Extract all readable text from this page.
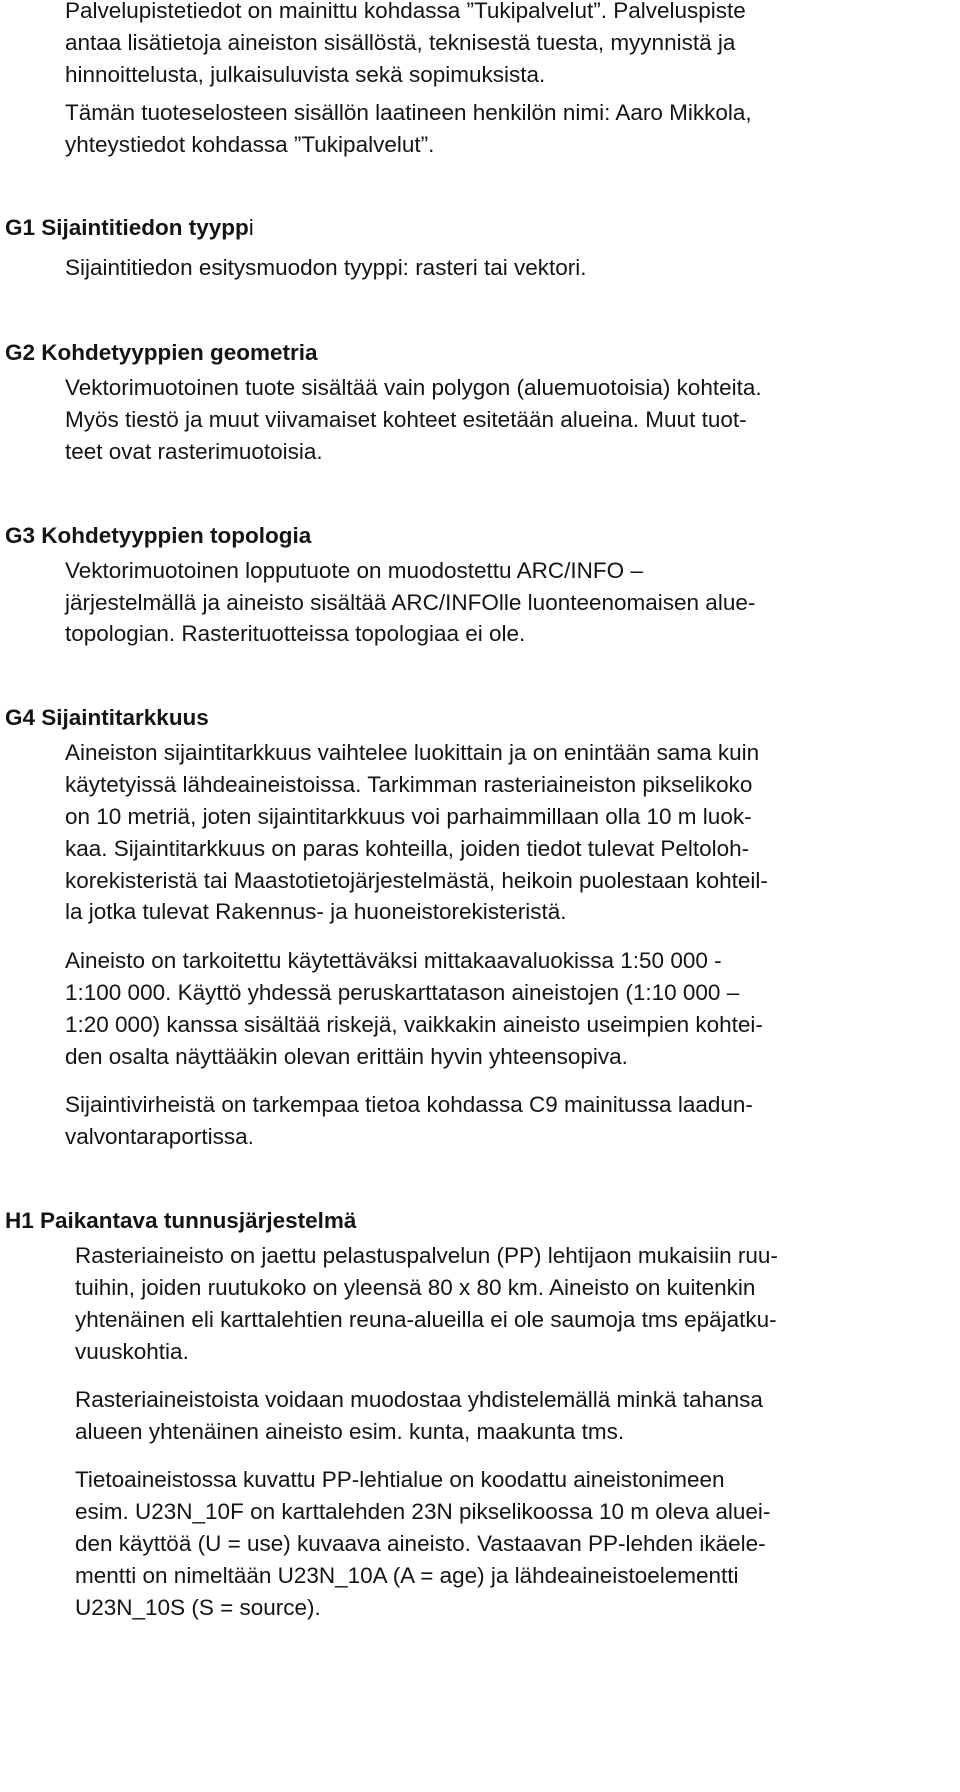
Palvelupistetiedot on mainittu kohdassa ”Tukipalvelut”. Palveluspiste
antaa lisätietoja aineiston sisällöstä, teknisestä tuesta, myynnistä ja
hinnoittelusta, julkaisuluvista sekä sopimuksista.
Tämän tuoteselosteen sisällön laatineen henkilön nimi: Aaro Mikkola,
yhteystiedot kohdassa ”Tukipalvelut”.
G1 Sijaintitiedon tyyppi
Sijaintitiedon esitysmuodon tyyppi: rasteri tai vektori.
G2 Kohdetyyppien geometria
Vektorimuotoinen tuote sisältää vain polygon (aluemuotoisia) kohteita.
Myös tiestö ja muut viivamaiset kohteet esitetään alueina. Muut tuot-
teet ovat rasterimuotoisia.
G3 Kohdetyyppien topologia
Vektorimuotoinen lopputuote on muodostettu ARC/INFO –
järjestelmällä ja aineisto sisältää ARC/INFOlle luonteenomaisen alue-
topologian. Rasterituotteissa topologiaa ei ole.
G4 Sijaintitarkkuus
Aineiston sijaintitarkkuus vaihtelee luokittain ja on enintään sama kuin
käytetyissä lähdeaineistoissa. Tarkimman rasteriaineiston pikselikoko
on 10 metriä, joten sijaintitarkkuus voi parhaimmillaan olla 10 m luok-
kaa. Sijaintitarkkuus on paras kohteilla, joiden tiedot tulevat Peltoloh-
korekisteristä tai Maastotietojärjestelmästä, heikoin puolestaan kohteil-
la jotka tulevat Rakennus- ja huoneistorekisteristä.
Aineisto on tarkoitettu käytettäväksi mittakaavaluokissa 1:50 000 -
1:100 000. Käyttö yhdessä peruskarttatason aineistojen (1:10 000 –
1:20 000) kanssa sisältää riskejä, vaikkakin aineisto useimpien kohtei-
den osalta näyttääkin olevan erittäin hyvin yhteensopiva.
Sijaintivirheistä on tarkempaa tietoa kohdassa C9 mainitussa laadun-
valvontaraportissa.
H1 Paikantava tunnusjärjestelmä
Rasteriaineisto on jaettu pelastuspalvelun (PP) lehtijaon mukaisiin ruu-
tuihin, joiden ruutukoko on yleensä 80 x 80 km. Aineisto on kuitenkin
yhtenäinen eli karttalehtien reuna-alueilla ei ole saumoja tms epäjatku-
vuuskohtia.
Rasteriaineistoista voidaan muodostaa yhdistelemällä minkä tahansa
alueen yhtenäinen aineisto esim. kunta, maakunta tms.
Tietoaineistossa kuvattu PP-lehtialue on koodattu aineistonimeen
esim. U23N_10F on karttalehden 23N pikselikoossa 10 m oleva aluei-
den käyttöä (U = use) kuvaava aineisto. Vastaavan PP-lehden ikäele-
mentti on nimeltään U23N_10A (A = age) ja lähdeaineistoelementti
U23N_10S (S = source).
